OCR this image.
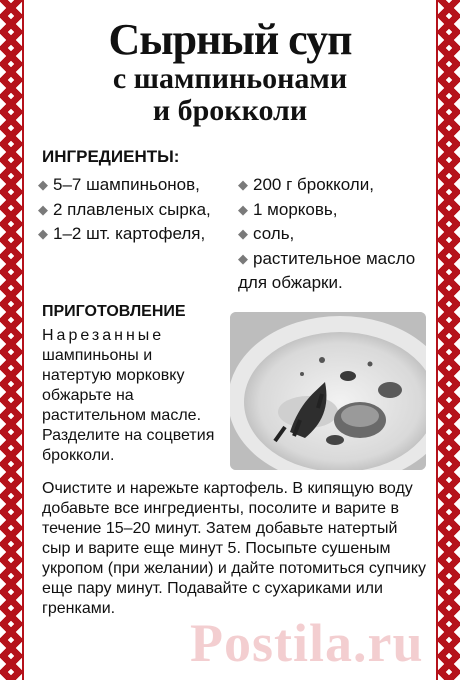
Сырный суп
с шампиньонами
и брокколи
ИНГРЕДИЕНТЫ:
◆ 5–7 шампиньонов,
◆ 2 плавленых сырка,
◆ 1–2 шт. картофеля,
◆ 200 г брокколи,
◆ 1 морковь,
◆ соль,
◆ растительное масло для обжарки.
ПРИГОТОВЛЕНИЕ

Нарезанные шампиньоны и натертую морковку обжарьте на растительном масле. Разделите на соцветия брокколи.

Очистите и нарежьте картофель. В кипящую воду добавьте все ингредиенты, посолите и варите в течение 15–20 минут. Затем добавьте натертый сыр и варите еще минут 5. Посыпьте сушеным укропом (при желании) и дайте потомиться супчику еще пару минут. Подавайте с сухариками или гренками.

Postila.ru
